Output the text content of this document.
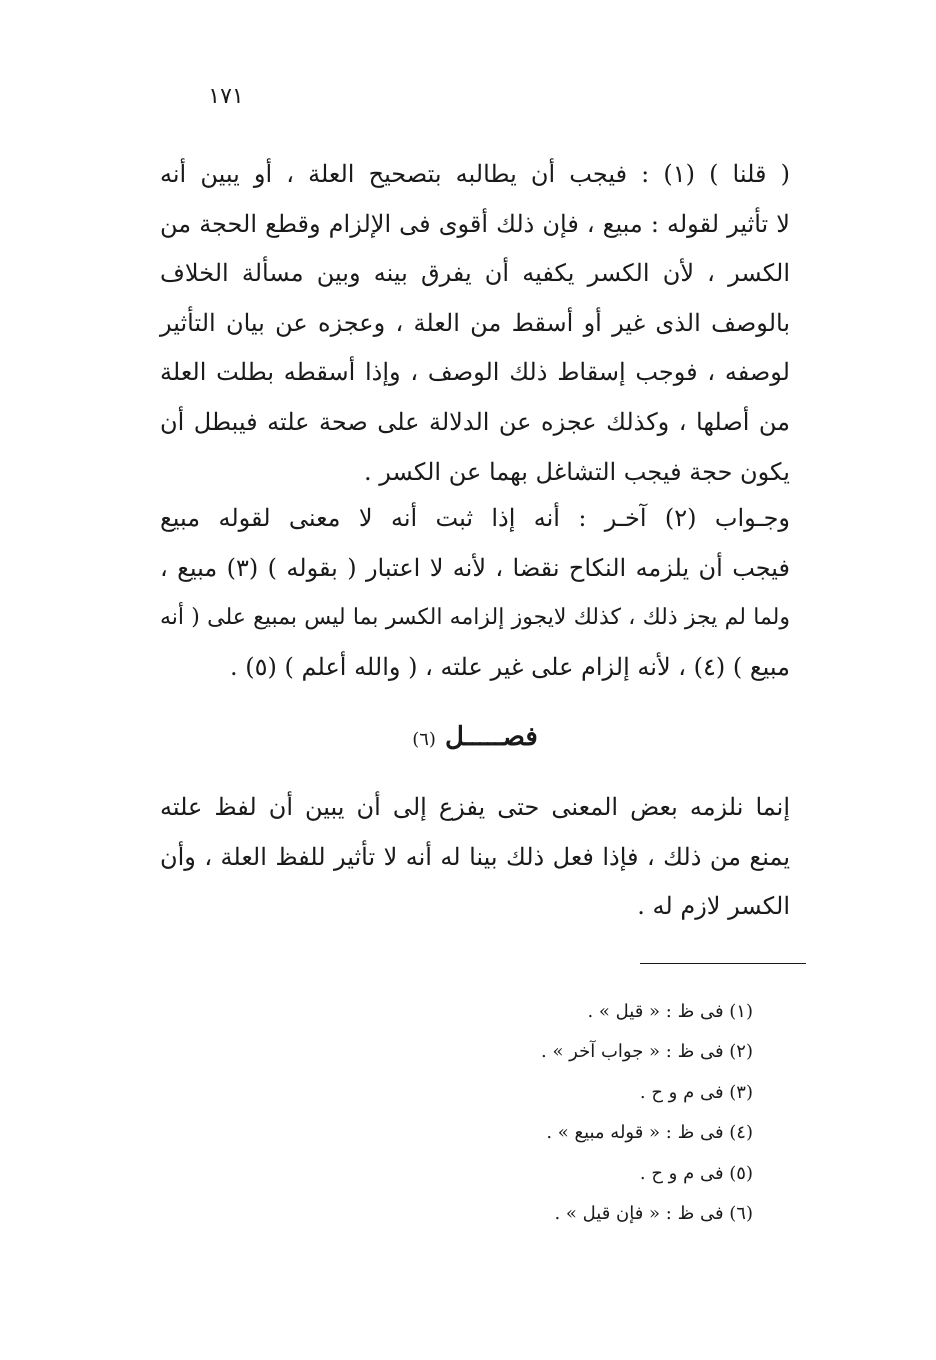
١٧١
( قلنا ) (١) : فيجب أن يطالبه بتصحيح العلة ، أو يبين أنه
لا تأثير لقوله : مبيع ، فإن ذلك أقوى فى الإلزام وقطع الحجة من
الكسر ، لأن الكسر يكفيه أن يفرق بينه وبين مسألة الخلاف
بالوصف الذى غير أو أسقط من العلة ، وعجزه عن بيان التأثير
لوصفه ، فوجب إسقاط ذلك الوصف ، وإذا أسقطه بطلت العلة
من أصلها ، وكذلك عجزه عن الدلالة على صحة علته فيبطل أن
يكون حجة فيجب التشاغل بهما عن الكسر .
وجـواب (٢) آخـر : أنه إذا ثبت أنه لا معنى لقوله مبيع
فيجب أن يلزمه النكاح نقضا ، لأنه لا اعتبار ( بقوله ) (٣) مبيع ،
ولما لم يجز ذلك ، كذلك لايجوز إلزامه الكسر بما ليس بمبيع على ( أنه
مبيع ) (٤) ، لأنه إلزام على غير علته ، ( والله أعلم ) (٥) .
فصـــــل (٦)
إنما نلزمه بعض المعنى حتى يفزع إلى أن يبين أن لفظ علته
يمنع من ذلك ، فإذا فعل ذلك بينا له أنه لا تأثير للفظ العلة ، وأن
الكسر لازم له .
(١) فى ظ : « قيل » .
(٢) فى ظ : « جواب آخر » .
(٣) فى م و ح .
(٤) فى ظ : « قوله مبيع » .
(٥) فى م و ح .
(٦) فى ظ : « فإن قيل » .
